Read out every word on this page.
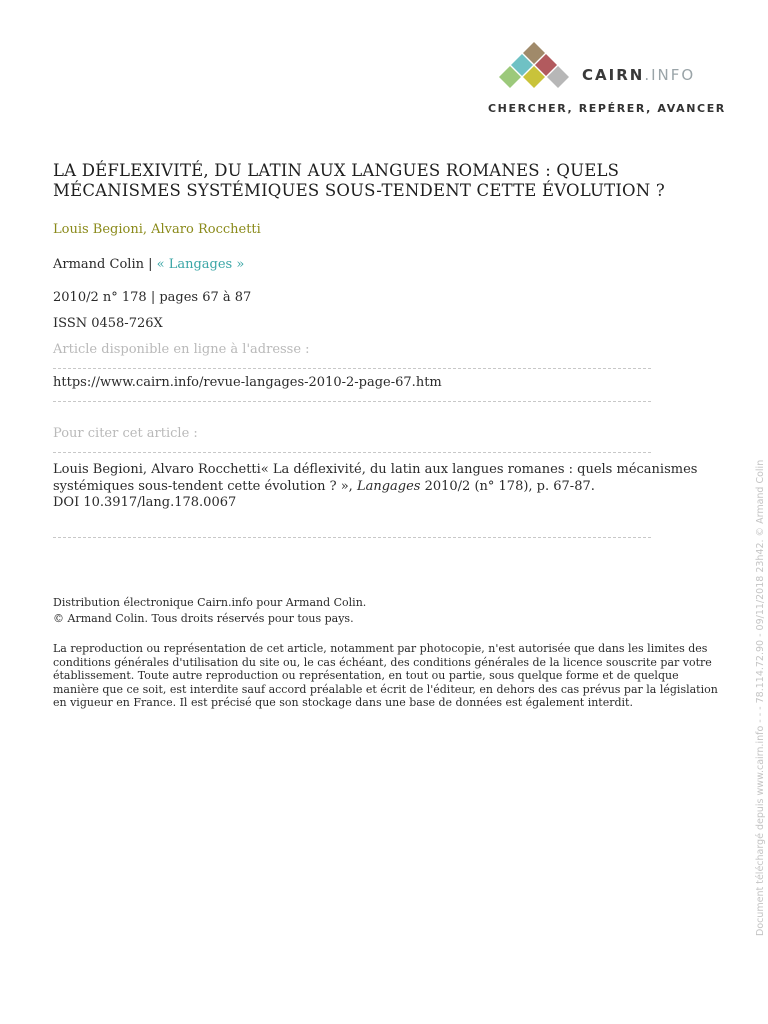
CAIRN.INFO
CHERCHER, REPÉRER, AVANCER
LA DÉFLEXIVITÉ, DU LATIN AUX LANGUES ROMANES : QUELS MÉCANISMES SYSTÉMIQUES SOUS-TENDENT CETTE ÉVOLUTION ?
Louis Begioni, Alvaro Rocchetti
Armand Colin | « Langages »
2010/2 n° 178 | pages 67 à 87
ISSN 0458-726X
Article disponible en ligne à l'adresse :
https://www.cairn.info/revue-langages-2010-2-page-67.htm
Pour citer cet article :
Louis Begioni, Alvaro Rocchetti« La déflexivité, du latin aux langues romanes : quels mécanismes systémiques sous-tendent cette évolution ? », Langages 2010/2 (n° 178), p. 67-87.
DOI 10.3917/lang.178.0067
Distribution électronique Cairn.info pour Armand Colin.
© Armand Colin. Tous droits réservés pour tous pays.
La reproduction ou représentation de cet article, notamment par photocopie, n'est autorisée que dans les limites des conditions générales d'utilisation du site ou, le cas échéant, des conditions générales de la licence souscrite par votre établissement. Toute autre reproduction ou représentation, en tout ou partie, sous quelque forme et de quelque manière que ce soit, est interdite sauf accord préalable et écrit de l'éditeur, en dehors des cas prévus par la législation en vigueur en France. Il est précisé que son stockage dans une base de données est également interdit.	Document téléchargé depuis www.cairn.info - - - 78.114.72.90 - 09/11/2018 23h42. © Armand Colin
